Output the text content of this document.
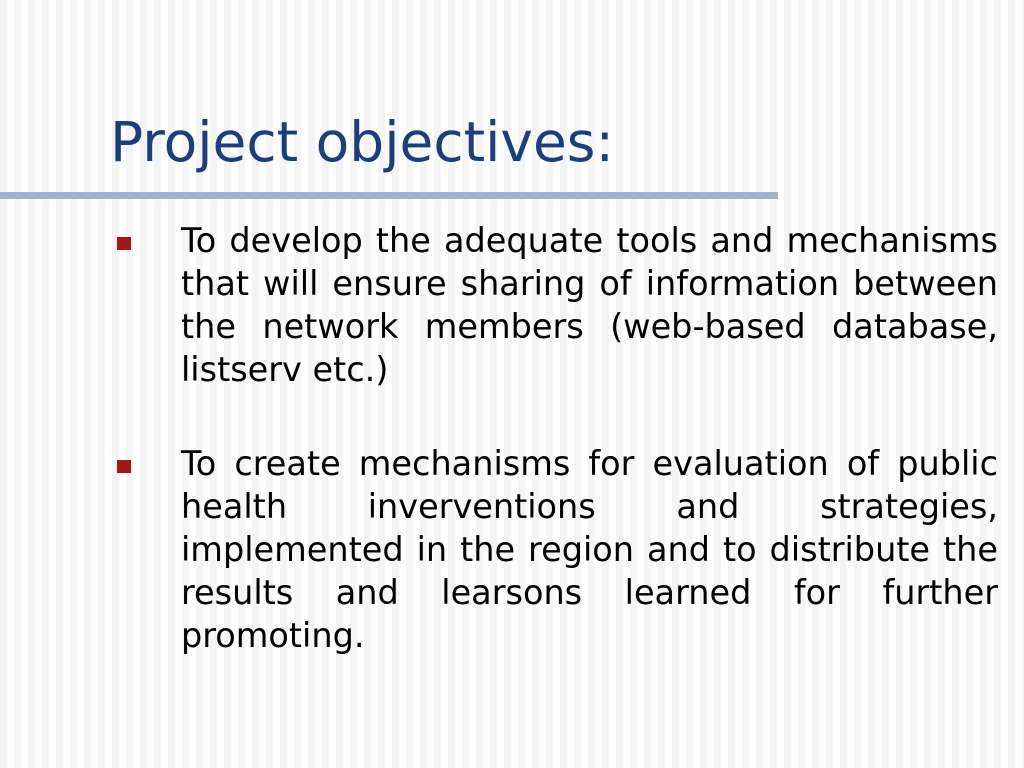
Project objectives:

To develop the adequate tools and mechanisms that will ensure sharing of information between the network members (web-based database, listserv etc.)

To create mechanisms for evaluation of public health inverventions and strategies, implemented in the region and to distribute the results and learsons learned for further promoting.
